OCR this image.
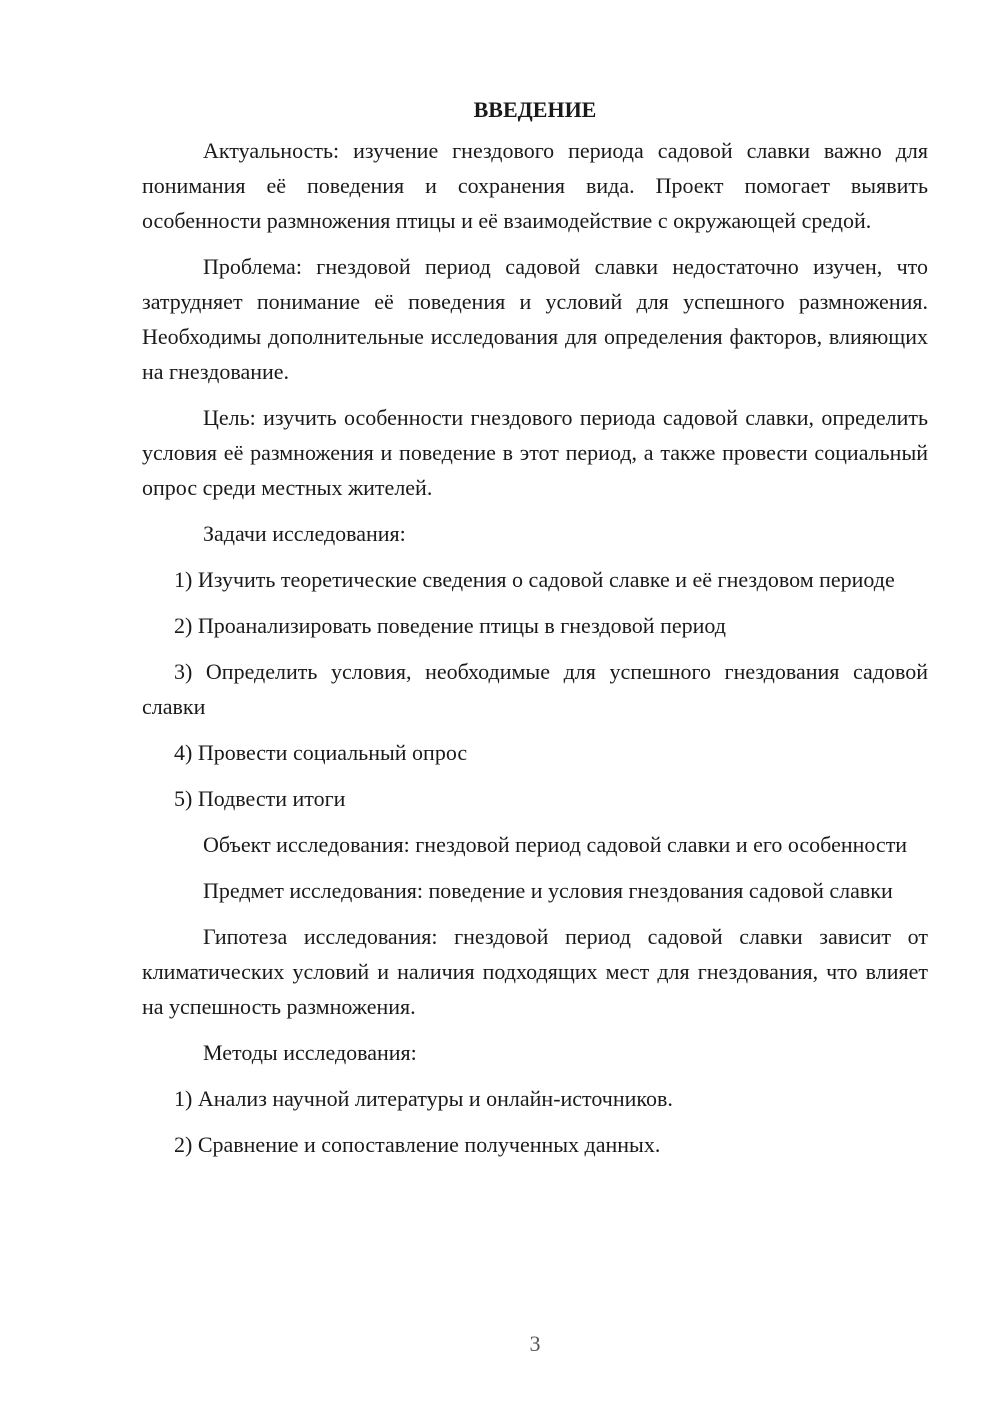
ВВЕДЕНИЕ

Актуальность: изучение гнездового периода садовой славки важно для понимания её поведения и сохранения вида. Проект помогает выявить особенности размножения птицы и её взаимодействие с окружающей средой.

Проблема: гнездовой период садовой славки недостаточно изучен, что затрудняет понимание её поведения и условий для успешного размножения. Необходимы дополнительные исследования для определения факторов, влияющих на гнездование.

Цель: изучить особенности гнездового периода садовой славки, определить условия её размножения и поведение в этот период, а также провести социальный опрос среди местных жителей.

Задачи исследования:

1) Изучить теоретические сведения о садовой славке и её гнездовом периоде

2) Проанализировать поведение птицы в гнездовой период

3) Определить условия, необходимые для успешного гнездования садовой славки

4) Провести социальный опрос

5) Подвести итоги

Объект исследования: гнездовой период садовой славки и его особенности

Предмет исследования: поведение и условия гнездования садовой славки

Гипотеза исследования: гнездовой период садовой славки зависит от климатических условий и наличия подходящих мест для гнездования, что влияет на успешность размножения.

Методы исследования:

1) Анализ научной литературы и онлайн-источников.

2) Сравнение и сопоставление полученных данных.

3
